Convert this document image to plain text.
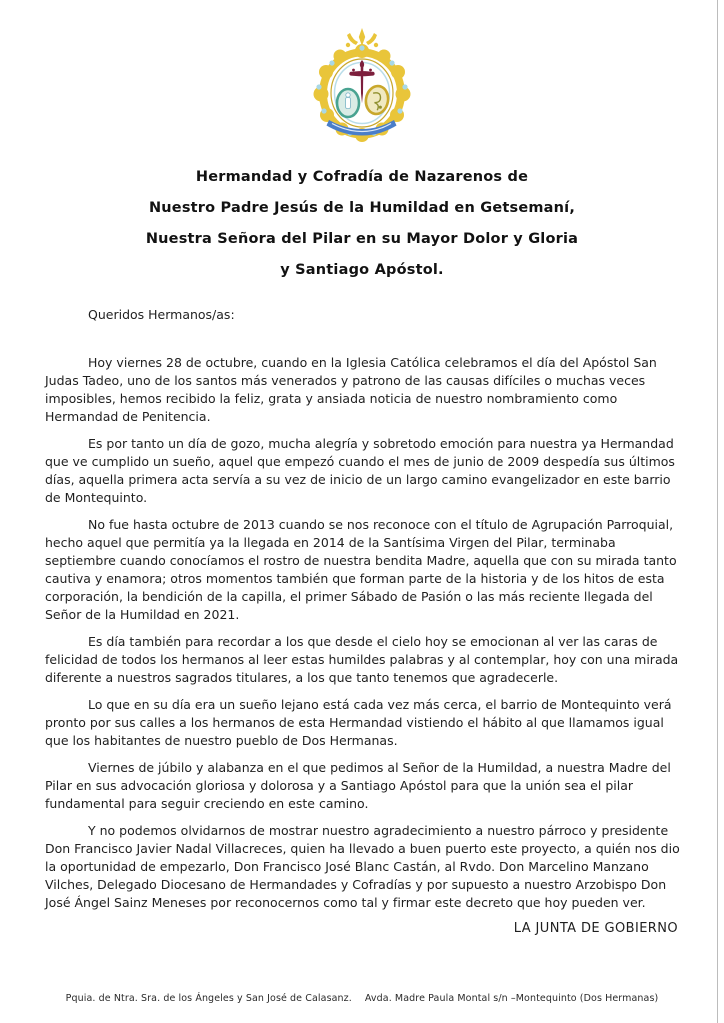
Hermandad y Cofradía de Nazarenos de
Nuestro Padre Jesús de la Humildad en Getsemaní,
Nuestra Señora del Pilar en su Mayor Dolor y Gloria
y Santiago Apóstol.
Queridos Hermanos/as:

Hoy viernes 28 de octubre, cuando en la Iglesia Católica celebramos el día del Apóstol San Judas Tadeo, uno de los santos más venerados y patrono de las causas difíciles o muchas veces imposibles, hemos recibido la feliz, grata y ansiada noticia de nuestro nombramiento como Hermandad de Penitencia.

Es por tanto un día de gozo, mucha alegría y sobretodo emoción para nuestra ya Hermandad que ve cumplido un sueño, aquel que empezó cuando el mes de junio de 2009 despedía sus últimos días, aquella primera acta servía a su vez de inicio de un largo camino evangelizador en este barrio de Montequinto.

No fue hasta octubre de 2013 cuando se nos reconoce con el título de Agrupación Parroquial, hecho aquel que permitía ya la llegada en 2014 de la Santísima Virgen del Pilar, terminaba septiembre cuando conocíamos el rostro de nuestra bendita Madre, aquella que con su mirada tanto cautiva y enamora; otros momentos también que forman parte de la historia y de los hitos de esta corporación, la bendición de la capilla, el primer Sábado de Pasión o las más reciente llegada del Señor de la Humildad en 2021.

Es día también para recordar a los que desde el cielo hoy se emocionan al ver las caras de felicidad de todos los hermanos al leer estas humildes palabras y al contemplar, hoy con una mirada diferente a nuestros sagrados titulares, a los que tanto tenemos que agradecerle.

Lo que en su día era un sueño lejano está cada vez más cerca, el barrio de Montequinto verá pronto por sus calles a los hermanos de esta Hermandad vistiendo el hábito al que llamamos igual que los habitantes de nuestro pueblo de Dos Hermanas.

Viernes de júbilo y alabanza en el que pedimos al Señor de la Humildad, a nuestra Madre del Pilar en sus advocación gloriosa y dolorosa y a Santiago Apóstol para que la unión sea el pilar fundamental para seguir creciendo en este camino.

Y no podemos olvidarnos de mostrar nuestro agradecimiento a nuestro párroco y presidente Don Francisco Javier Nadal Villacreces, quien ha llevado a buen puerto este proyecto, a quién nos dio la oportunidad de empezarlo, Don Francisco José Blanc Castán, al Rvdo. Don Marcelino Manzano Vilches, Delegado Diocesano de Hermandades y Cofradías y por supuesto a nuestro Arzobispo Don José Ángel Sainz Meneses por reconocernos como tal y firmar este decreto que hoy pueden ver.

LA JUNTA DE GOBIERNO
Pquia. de Ntra. Sra. de los Ángeles y San José de Calasanz. Avda. Madre Paula Montal s/n –Montequinto (Dos Hermanas)
